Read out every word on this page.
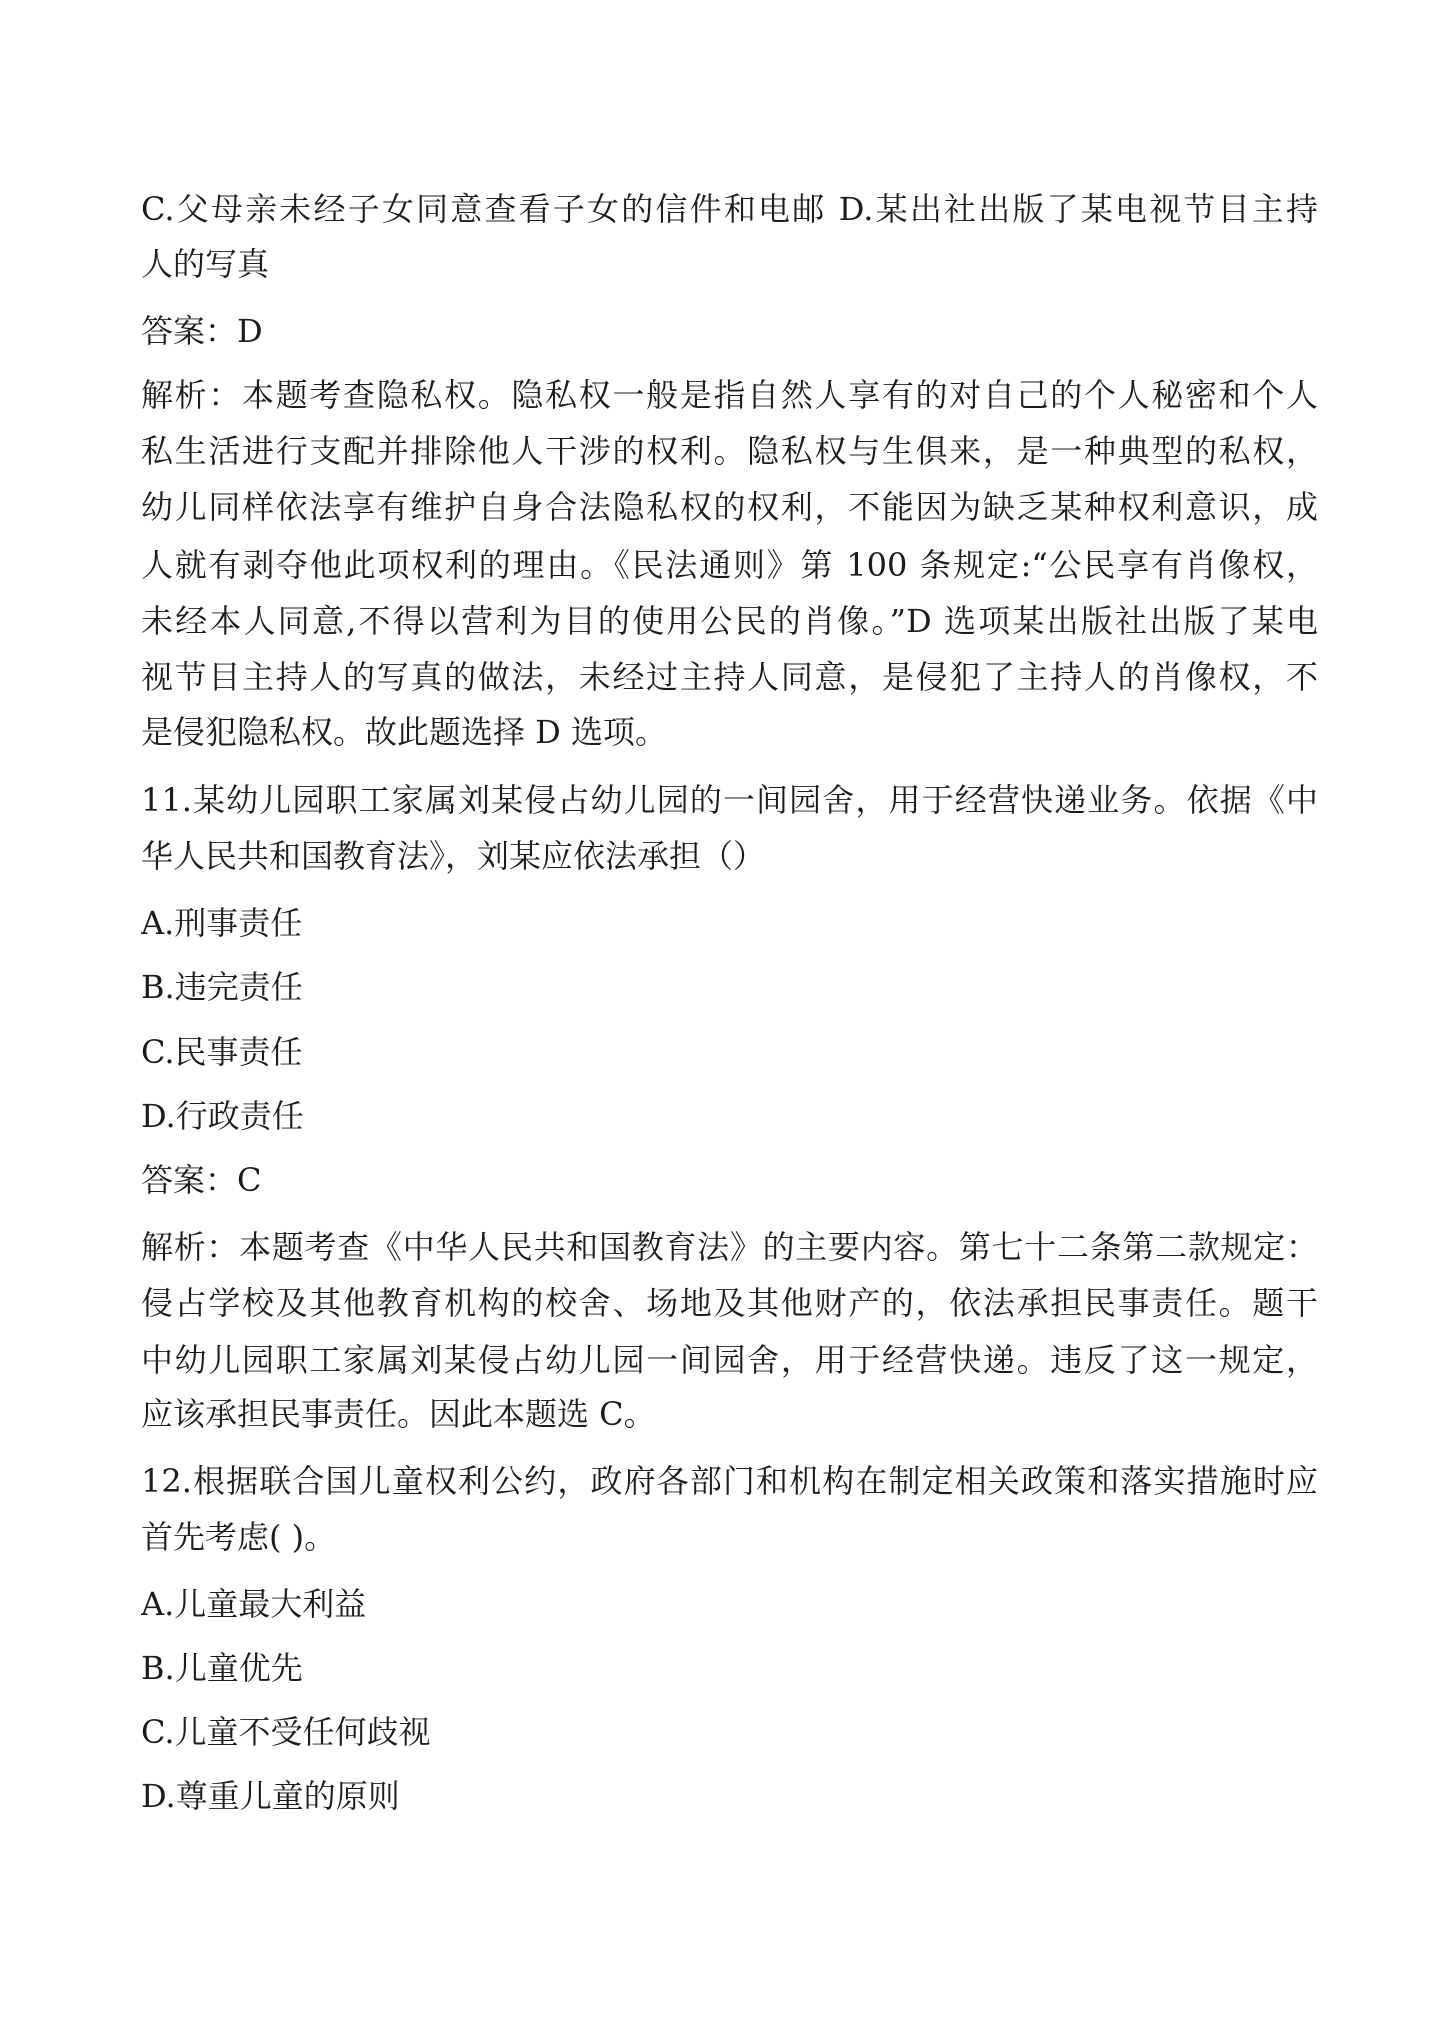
C.父母亲未经子女同意查看子女的信件和电邮 D.某出社出版了某电视节目主持
人的写真
答案：D
解析：本题考查隐私权。隐私权一般是指自然人享有的对自己的个人秘密和个人
私生活进行支配并排除他人干涉的权利。隐私权与生俱来，是一种典型的私权，
幼儿同样依法享有维护自身合法隐私权的权利，不能因为缺乏某种权利意识，成
人就有剥夺他此项权利的理由。《民法通则》第 100 条规定:“公民享有肖像权，
未经本人同意,不得以营利为目的使用公民的肖像。”D 选项某出版社出版了某电
视节目主持人的写真的做法，未经过主持人同意，是侵犯了主持人的肖像权，不
是侵犯隐私权。故此题选择 D 选项。
11.某幼儿园职工家属刘某侵占幼儿园的一间园舍，用于经营快递业务。依据《中
华人民共和国教育法》，刘某应依法承担（）
A.刑事责任
B.违完责任
C.民事责任
D.行政责任
答案：C
解析：本题考查《中华人民共和国教育法》的主要内容。第七十二条第二款规定：
侵占学校及其他教育机构的校舍、场地及其他财产的，依法承担民事责任。题干
中幼儿园职工家属刘某侵占幼儿园一间园舍，用于经营快递。违反了这一规定，
应该承担民事责任。因此本题选 C。
12.根据联合国儿童权利公约，政府各部门和机构在制定相关政策和落实措施时应
首先考虑( )。
A.儿童最大利益
B.儿童优先
C.儿童不受任何歧视
D.尊重儿童的原则
